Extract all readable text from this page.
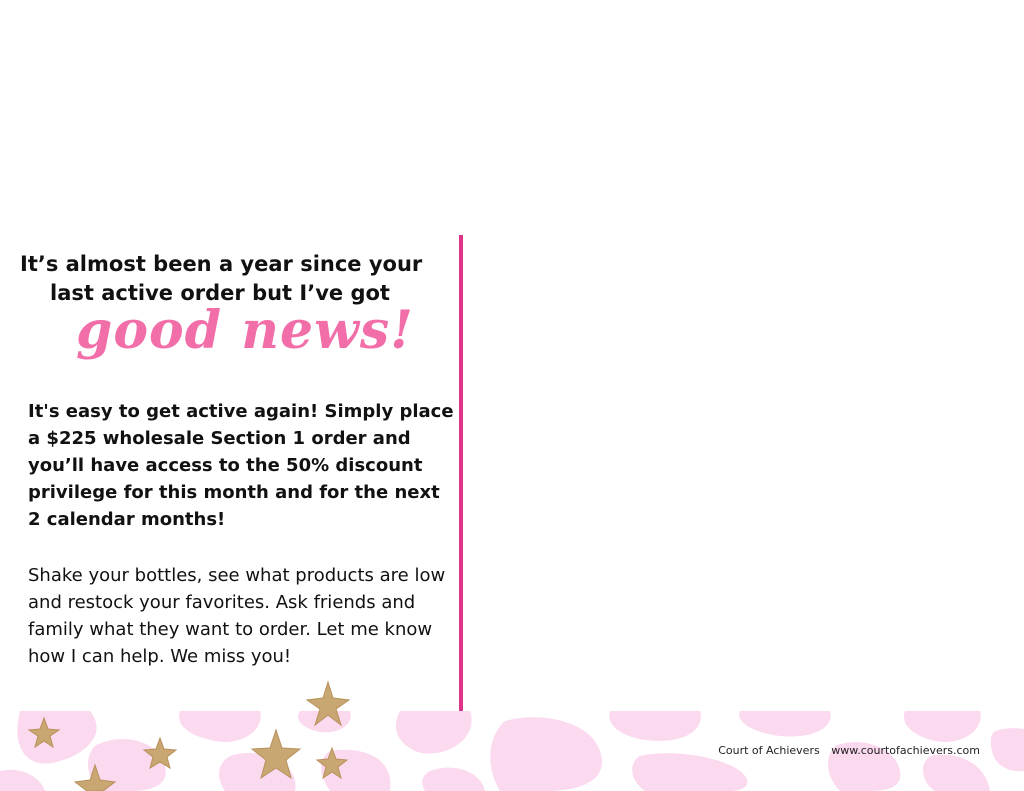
It’s almost been a year since your
last active order but I’ve got
good news!
It's easy to get active again! Simply place a $225 wholesale Section 1 order and you’ll have access to the 50% discount privilege for this month and for the next 2 calendar months!
Shake your bottles, see what products are low and restock your favorites. Ask friends and family what they want to order. Let me know how I can help. We miss you!
Court of Achievers www.courtofachievers.com
